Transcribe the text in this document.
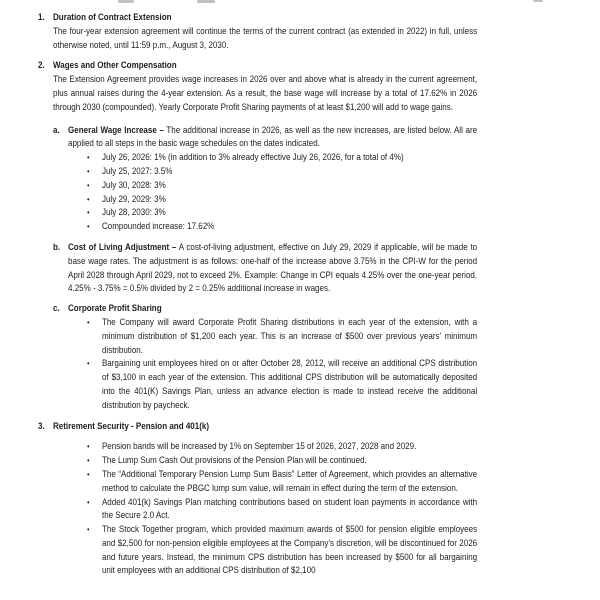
1. Duration of Contract Extension

The four-year extension agreement will continue the terms of the current contract (as extended in 2022) in full, unless otherwise noted, until 11:59 p.m., August 3, 2030.

2. Wages and Other Compensation

The Extension Agreement provides wage increases in 2026 over and above what is already in the current agreement, plus annual raises during the 4-year extension. As a result, the base wage will increase by a total of 17.62% in 2026 through 2030 (compounded). Yearly Corporate Profit Sharing payments of at least $1,200 will add to wage gains.

a. General Wage Increase – The additional increase in 2026, as well as the new increases, are listed below. All are applied to all steps in the basic wage schedules on the dates indicated.

•	July 26, 2026: 1% (in addition to 3% already effective July 26, 2026, for a total of 4%)
•	July 25, 2027: 3.5%
•	July 30, 2028: 3%
•	July 29, 2029: 3%
•	July 28, 2030: 3%
•	Compounded increase: 17.62%
b. Cost of Living Adjustment – A cost-of-living adjustment, effective on July 29, 2029 if applicable, will be made to base wage rates. The adjustment is as follows: one-half of the increase above 3.75% in the CPI-W for the period April 2028 through April 2029, not to exceed 2%. Example: Change in CPI equals 4.25% over the one-year period. 4.25% - 3.75% = 0.5% divided by 2 = 0.25% additional increase in wages.

c. Corporate Profit Sharing

•	The Company will award Corporate Profit Sharing distributions in each year of the extension, with a minimum distribution of $1,200 each year. This is an increase of $500 over previous years’ minimum distribution.
•	Bargaining unit employees hired on or after October 28, 2012, will receive an additional CPS distribution of $3,100 in each year of the extension. This additional CPS distribution will be automatically deposited into the 401(K) Savings Plan, unless an advance election is made to instead receive the additional distribution by paycheck.
3. Retirement Security - Pension and 401(k)
•	Pension bands will be increased by 1% on September 15 of 2026, 2027, 2028 and 2029.
•	The Lump Sum Cash Out provisions of the Pension Plan will be continued.
•	The “Additional Temporary Pension Lump Sum Basis” Letter of Agreement, which provides an alternative method to calculate the PBGC lump sum value, will remain in effect during the term of the extension.
•	Added 401(k) Savings Plan matching contributions based on student loan payments in accordance with the Secure 2.0 Act.
•	The Stock Together program, which provided maximum awards of $500 for pension eligible employees and $2,500 for non-pension eligible employees at the Company’s discretion, will be discontinued for 2026 and future years. Instead, the minimum CPS distribution has been increased by $500 for all bargaining unit employees with an additional CPS distribution of $2,100
